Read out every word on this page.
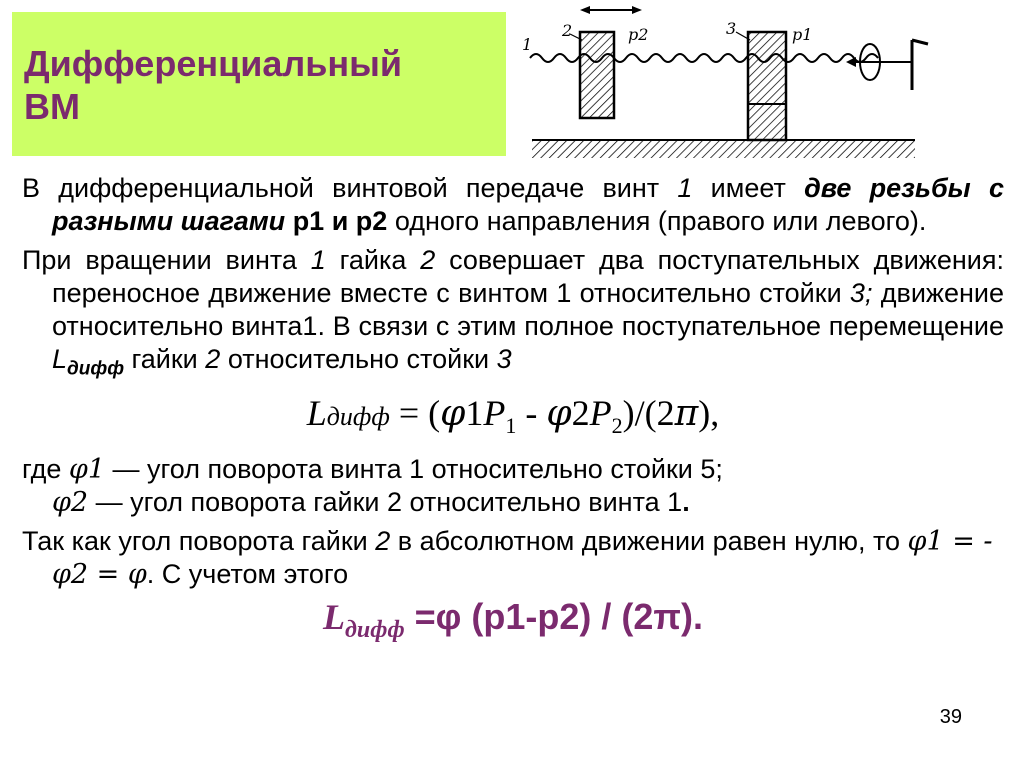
Дифференциальный
ВМ
1
2	p2	3	p1

В дифференциальной винтовой передаче винт 1 имеет две резьбы с разными шагами р1 и р2 одного направления (правого или левого).

При вращении винта 1 гайка 2 совершает два поступательных движения: переносное движение вместе с винтом 1 относительно стойки 3; движение относительно винта1. В связи с этим полное поступательное перемещение $L_{дифф}$ гайки 2 относительно стойки 3

Lдифф = $(\varphi 1P_1 - \varphi 2P_2)/(2\pi)$,

где φ1 — угол поворота винта 1 относительно стойки 5;
φ2 — угол поворота гайки 2 относительно винта 1.

Так как угол поворота гайки 2 в абсолютном движении равен нулю, то φ1 = - φ2 = φ. С учетом этого

$L_{дифф} =\varphi$ (р1-р2) / (2π).
39
